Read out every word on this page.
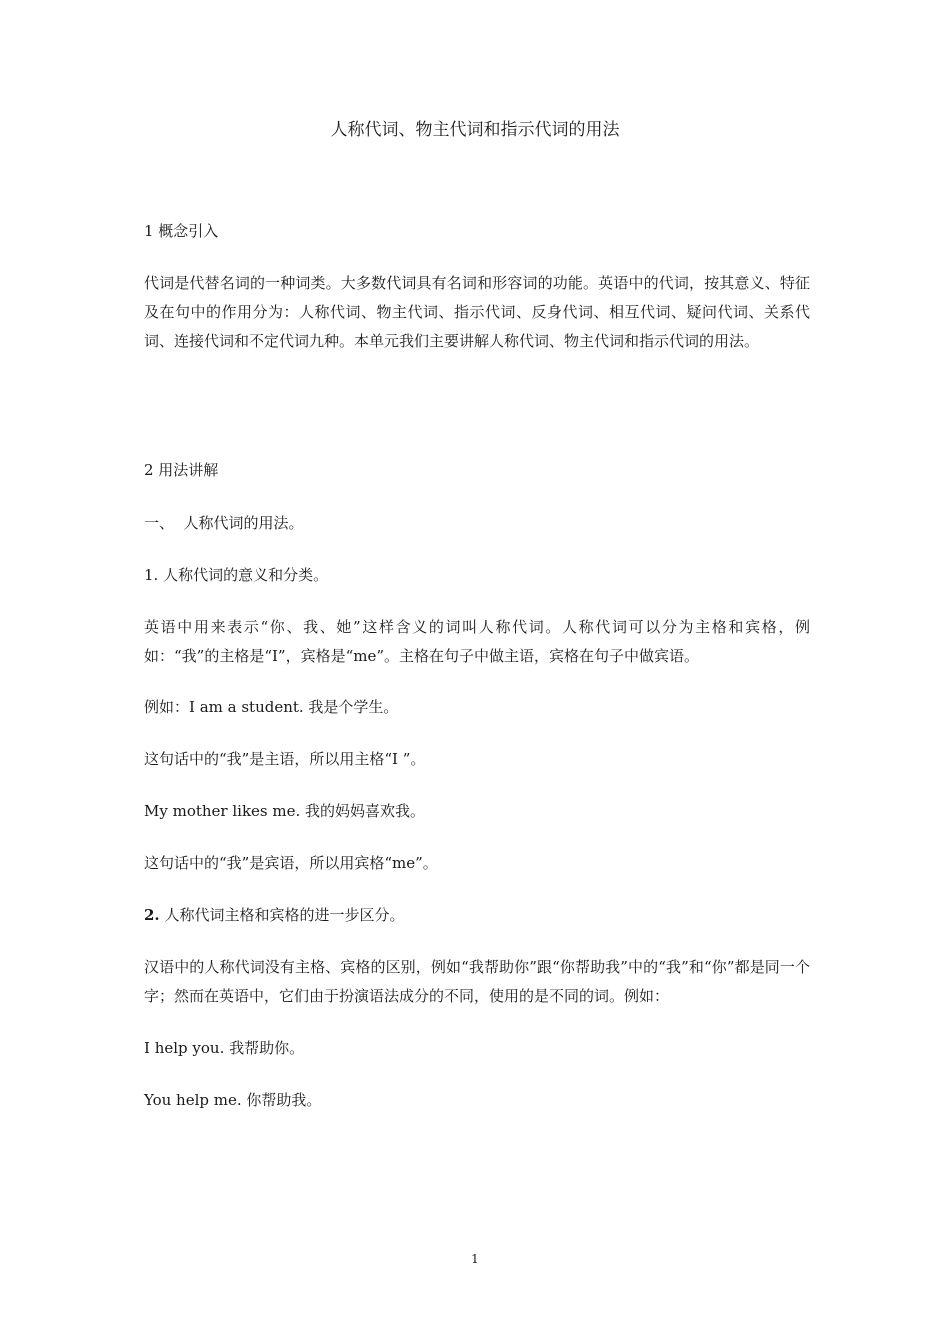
人称代词、物主代词和指示代词的用法
1 概念引入
代词是代替名词的一种词类。大多数代词具有名词和形容词的功能。英语中的代词，按其意义、特征及在句中的作用分为：人称代词、物主代词、指示代词、反身代词、相互代词、疑问代词、关系代词、连接代词和不定代词九种。本单元我们主要讲解人称代词、物主代词和指示代词的用法。
2 用法讲解
一、  人称代词的用法。
1. 人称代词的意义和分类。
英语中用来表示“你、我、她”这样含义的词叫人称代词。人称代词可以分为主格和宾格，例如：“我”的主格是“I”，宾格是“me”。主格在句子中做主语，宾格在句子中做宾语。
例如：I am a student. 我是个学生。
这句话中的“我”是主语，所以用主格“I ”。
My mother likes me. 我的妈妈喜欢我。
这句话中的“我”是宾语，所以用宾格“me”。
2. 人称代词主格和宾格的进一步区分。
汉语中的人称代词没有主格、宾格的区别，例如“我帮助你”跟“你帮助我”中的“我”和“你”都是同一个字；然而在英语中，它们由于扮演语法成分的不同，使用的是不同的词。例如：
I help you. 我帮助你。
You help me. 你帮助我。
1
